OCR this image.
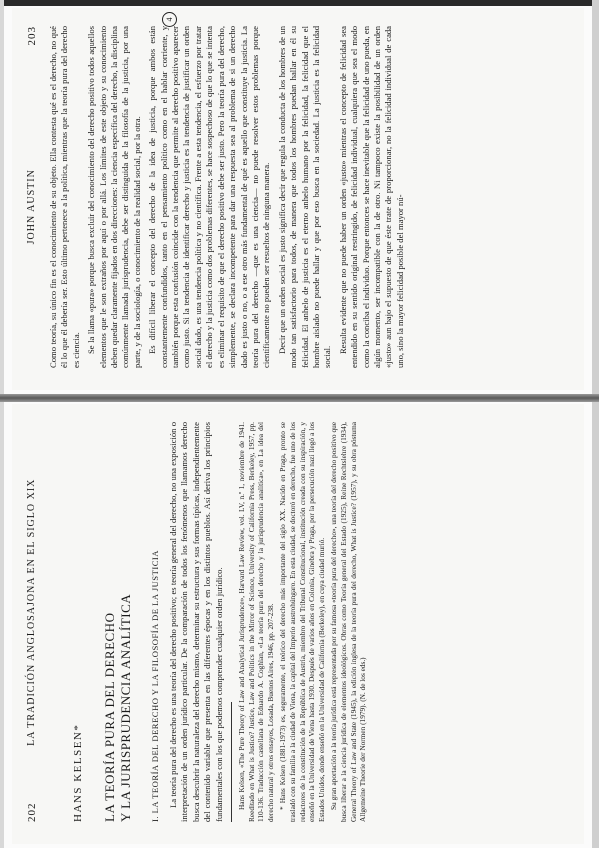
JOHN AUSTIN
203 Como teoría, su único fin es el conocimiento de su objeto. Ella contesta qué es el derecho, no qué él lo que él debería ser. Esto último pertenece a la política, mientras que la teoría pura del derecho es ciencia. Se la llama «pura» porque busca excluir del conocimiento del derecho positivo todos aquellos elementos que le son extraños por aquí o por allá. Los límites de este objeto y su conocimiento deben quedar claramente fijados en dos direcciones: la ciencia específica del derecho, la disciplina comúnmente llamada jurisprudencia, debe ser distinguida de la filosofía de la justicia, por una parte, y de la sociología, o conocimiento de la realidad social, por la otra. Es difícil liberar el concepto del derecho de la idea de justicia, porque ambos están constantemente confundidos, tanto en el pensamiento político como en el hablar corriente, y también porque esta confusión coincide con la tendencia que permite al derecho positivo aparecer como justo. Si la tendencia de identificar derecho y justicia es la tendencia de justificar un orden social dado, es una tendencia política y no científica. Frente a esta tendencia, el esfuerzo por tratar el derecho y la justicia como dos problemas diferentes, se hace sospechoso de que lo que se intenta es eliminar el requisito de que el derecho positivo debe ser justo. Pero la teoría pura del derecho, simplemente, se declara incompetente para dar una respuesta sea al problema de si un derecho dado es justo o no, o a ese otro más fundamental de qué es aquello que constituye la justicia. La teoría pura del derecho —que es una ciencia— no puede resolver estos problemas porque científicamente no pueden ser resueltos de ninguna manera. Decir que un orden social es justo significa decir que regula la conducta de los hombres de un modo tan satisfactorio para todos, de manera que todos los hombres puedan hallar en él su felicidad. El anhelo de justicia es el eterno anhelo humano por la felicidad, la felicidad que el hombre aislado no puede hallar y que por eso busca en la sociedad. La justicia es la felicidad social.

Resulta evidente que no puede haber un orden «justo» mientras el concepto de felicidad sea entendido en su sentido original restringido, de felicidad individual, cualquiera que sea el modo como la conciba el individuo. Porque entonces se hace inevitable que la felicidad de uno pueda, en algún momento, ser incompatible con la de otro. Ni tampoco existe la posibilidad de un orden «justo» aun bajo el supuesto de que éste trate de proporcionar, no la felicidad individual de cada uno, sino la mayor felicidad posible del mayor nú-

4
202
LA TRADICIÓN ANGLOSAJONA EN EL SIGLO XIX
HANS KELSEN* LA TEORÍA PURA DEL DERECHO Y LA JURISPRUDENCIA ANALÍTICA I. LA TEORÍA DEL DERECHO Y LA FILOSOFÍA DE LA JUSTICIA La teoría pura del derecho es una teoría del derecho positivo; es teoría general del derecho, no una exposición o interpretación de un orden jurídico particular. De la comparación de todos los fenómenos que llamamos derecho busca descubrir la naturaleza del derecho mismo, determinar su estructura y sus formas típicas, independientemente del contenido variable que presenta en las diferentes épocas y en los distintos pueblos. Así deriva los principios fundamentales con los que podemos comprender cualquier orden jurídico. Hans Kelsen, «The Pure Theory of Law and Analytical Jurisprudence», Harvard Law Review, vol. LV, n.º 1, noviembre de 1941. Reeditado en What is Justice? Justice, Law and Politics in the Mirror of Science, University of California Press, Berkeley, 1957, pp. 110-136. Traducción castellana de Eduardo A. Coghlan, «La teoría pura del derecho y la jurisprudencia analítica», en La idea del derecho natural y otros ensayos, Losada, Buenos Aires, 1946, pp. 207-238. * Hans Kelsen (1881-1973) es, seguramente, el teórico del derecho más importante del siglo XX. Nacido en Praga, pronto se trasladó con su familia a la ciudad de Viena, la capital del Imperio austrohúngaro. En esta ciudad, se doctoró en derecho, fue uno de los redactores de la constitución de la República de Austria, miembro del Tribunal Constitucional, institución creada con su inspiración, y enseñó en la Universidad de Viena hasta 1930. Después de varios años en Colonia, Ginebra y Praga, por la persecución nazi llegó a los Estados Unidos, donde enseñó en la Universidad de California (Berkeley), en cuya ciudad murió. Su gran aportación a la teoría jurídica está representada por su famosa «teoría pura del derecho», una teoría del derecho positivo que busca liberar a la ciencia jurídica de elementos ideológicos. Obras como Teoría general del Estado (1925), Reine Rechtslehre (1934), General Theory of Law and State (1945), la edición inglesa de la teoría pura del derecho, What is Justice? (1957), y su obra póstuma Allgemeine Theorie der Normen (1979). (N. de los eds.)
